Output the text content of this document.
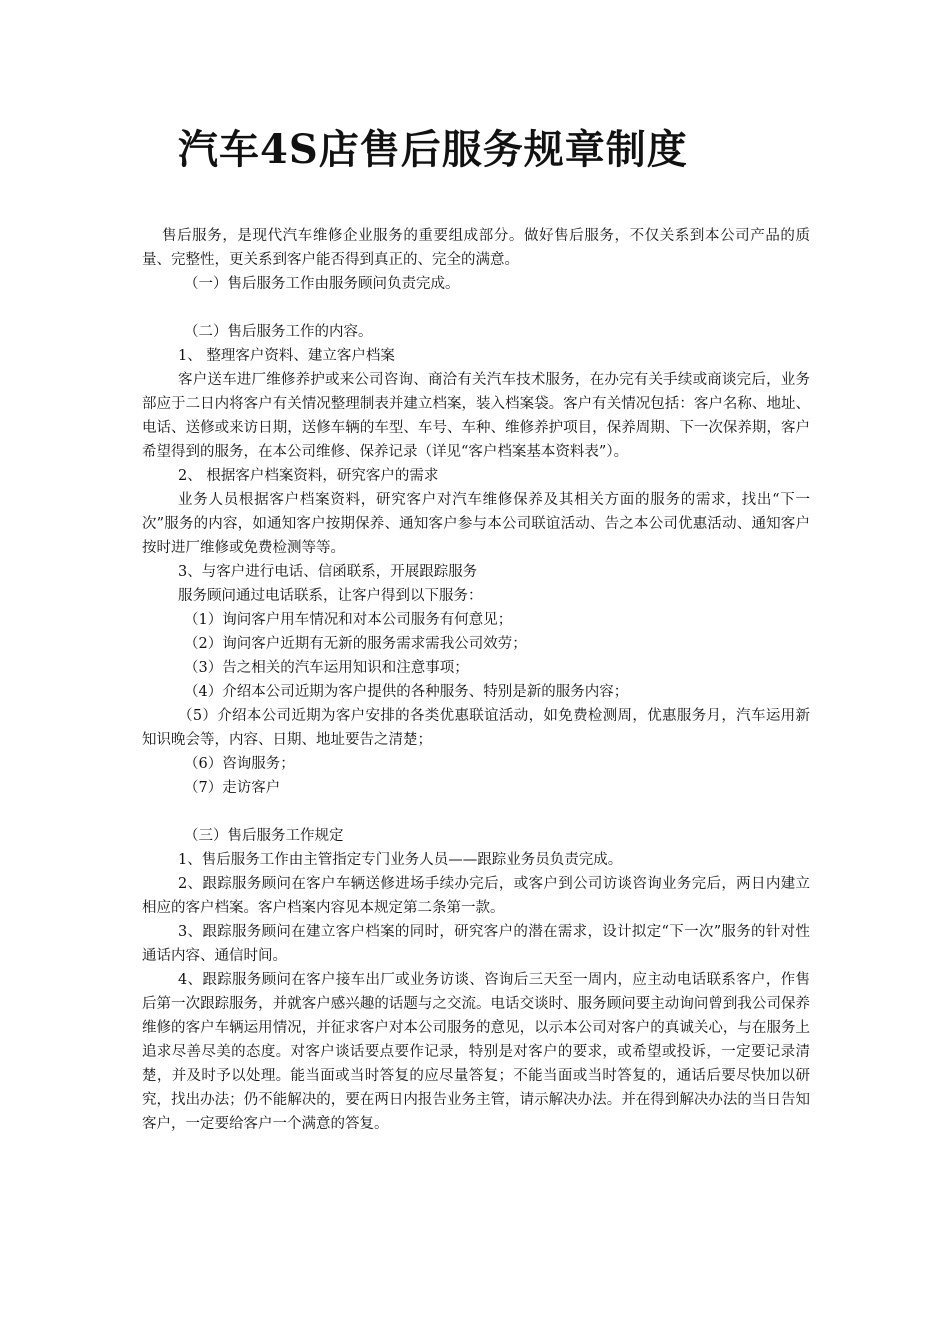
汽车4S店售后服务规章制度

售后服务，是现代汽车维修企业服务的重要组成部分。做好售后服务，不仅关系到本公司产品的质量、完整性，更关系到客户能否得到真正的、完全的满意。

（一）售后服务工作由服务顾问负责完成。

（二）售后服务工作的内容。

1、 整理客户资料、建立客户档案

客户送车进厂维修养护或来公司咨询、商洽有关汽车技术服务，在办完有关手续或商谈完后，业务部应于二日内将客户有关情况整理制表并建立档案，装入档案袋。客户有关情况包括：客户名称、地址、电话、送修或来访日期，送修车辆的车型、车号、车种、维修养护项目，保养周期、下一次保养期，客户希望得到的服务，在本公司维修、保养记录（详见“客户档案基本资料表”）。

2、 根据客户档案资料，研究客户的需求

业务人员根据客户档案资料，研究客户对汽车维修保养及其相关方面的服务的需求，找出“下一次”服务的内容，如通知客户按期保养、通知客户参与本公司联谊活动、告之本公司优惠活动、通知客户按时进厂维修或免费检测等等。

3、与客户进行电话、信函联系，开展跟踪服务

服务顾问通过电话联系，让客户得到以下服务：

（1）询问客户用车情况和对本公司服务有何意见；

（2）询问客户近期有无新的服务需求需我公司效劳；

（3）告之相关的汽车运用知识和注意事项；

（4）介绍本公司近期为客户提供的各种服务、特别是新的服务内容；

（5）介绍本公司近期为客户安排的各类优惠联谊活动，如免费检测周，优惠服务月，汽车运用新知识晚会等，内容、日期、地址要告之清楚；

（6）咨询服务；

（7）走访客户

（三）售后服务工作规定

1、售后服务工作由主管指定专门业务人员——跟踪业务员负责完成。

2、跟踪服务顾问在客户车辆送修进场手续办完后，或客户到公司访谈咨询业务完后，两日内建立相应的客户档案。客户档案内容见本规定第二条第一款。

3、跟踪服务顾问在建立客户档案的同时，研究客户的潜在需求，设计拟定“下一次”服务的针对性通话内容、通信时间。

4、跟踪服务顾问在客户接车出厂或业务访谈、咨询后三天至一周内，应主动电话联系客户，作售后第一次跟踪服务，并就客户感兴趣的话题与之交流。电话交谈时、服务顾问要主动询问曾到我公司保养维修的客户车辆运用情况，并征求客户对本公司服务的意见，以示本公司对客户的真诚关心，与在服务上追求尽善尽美的态度。对客户谈话要点要作记录，特别是对客户的要求，或希望或投诉，一定要记录清楚，并及时予以处理。能当面或当时答复的应尽量答复；不能当面或当时答复的，通话后要尽快加以研究，找出办法；仍不能解决的，要在两日内报告业务主管，请示解决办法。并在得到解决办法的当日告知客户，一定要给客户一个满意的答复。
